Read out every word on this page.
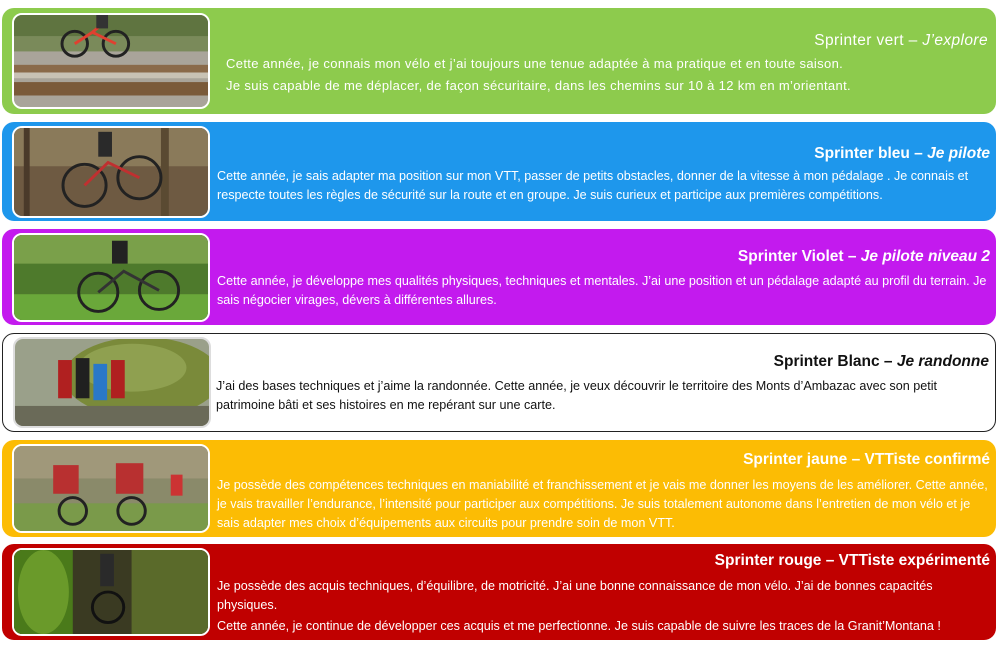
Sprinter vert – J’explore

Cette année, je connais mon vélo et j’ai toujours une tenue adaptée à ma pratique et en toute saison.

Je suis capable de me déplacer, de façon sécuritaire, dans les chemins sur 10 à 12 km en m’orientant.

Sprinter bleu – Je pilote

Cette année, je sais adapter ma position sur mon VTT, passer de petits obstacles, donner de la vitesse à mon pédalage . Je connais et respecte toutes les règles de sécurité sur la route et en groupe. Je suis curieux et participe aux premières compétitions.

Sprinter Violet – Je pilote niveau 2

Cette année, je développe mes qualités physiques, techniques et mentales. J’ai une position et un pédalage adapté au profil du terrain. Je sais négocier virages, dévers à différentes allures.

Sprinter Blanc – Je randonne

J’ai des bases techniques et j’aime la randonnée. Cette année, je veux découvrir le territoire des Monts d’Ambazac avec son petit patrimoine bâti et ses histoires en me repérant sur une carte.

Sprinter jaune – VTTiste confirmé

Je possède des compétences techniques en maniabilité et franchissement et je vais me donner les moyens de les améliorer. Cette année, je vais travailler l’endurance, l’intensité pour participer aux compétitions. Je suis totalement autonome dans l’entretien de mon vélo et je sais adapter mes choix d’équipements aux circuits pour prendre soin de mon VTT.

Sprinter rouge – VTTiste expérimenté

Je possède des acquis techniques, d’équilibre, de motricité. J’ai une bonne connaissance de mon vélo. J’ai de bonnes capacités physiques.

Cette année, je continue de développer ces acquis et me perfectionne. Je suis capable de suivre les traces de la Granit’Montana !
